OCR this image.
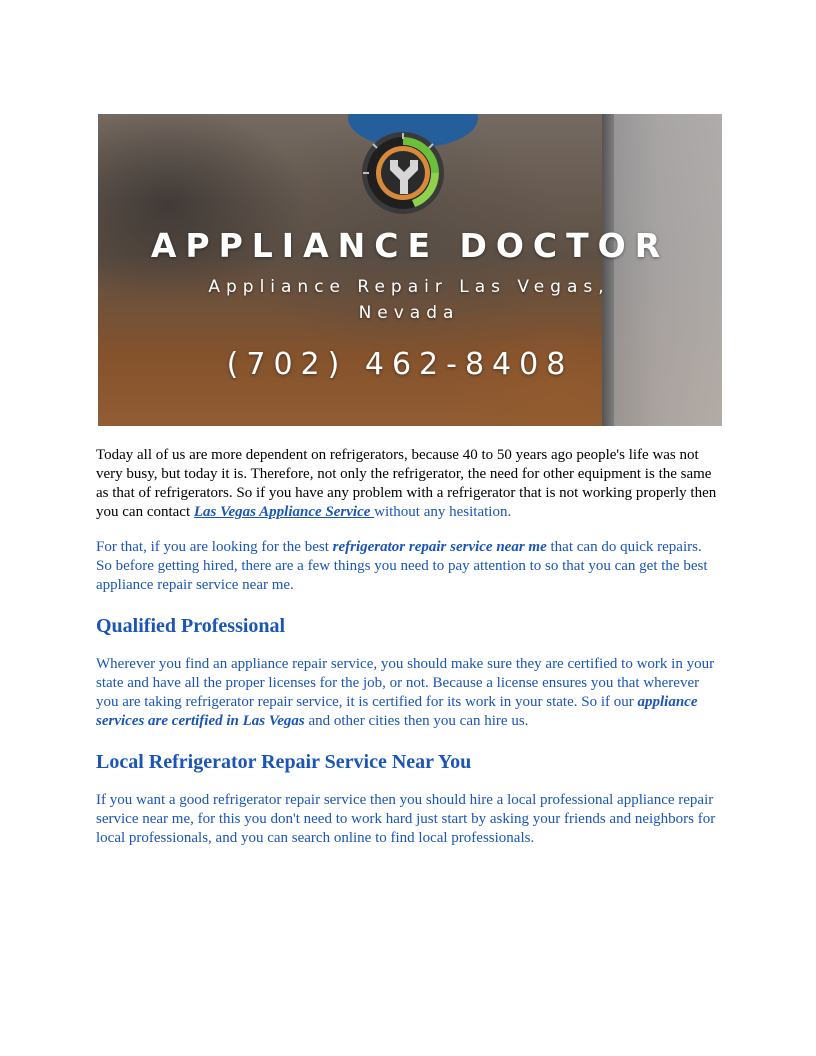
APPLIANCE DOCTOR
Appliance Repair Las Vegas, Nevada
(702) 462-8408

Today all of us are more dependent on refrigerators, because 40 to 50 years ago people's life was not very busy, but today it is. Therefore, not only the refrigerator, the need for other equipment is the same as that of refrigerators. So if you have any problem with a refrigerator that is not working properly then you can contact Las Vegas Appliance Service without any hesitation.

For that, if you are looking for the best refrigerator repair service near me that can do quick repairs. So before getting hired, there are a few things you need to pay attention to so that you can get the best appliance repair service near me.

Qualified Professional

Wherever you find an appliance repair service, you should make sure they are certified to work in your state and have all the proper licenses for the job, or not. Because a license ensures you that wherever you are taking refrigerator repair service, it is certified for its work in your state. So if our appliance services are certified in Las Vegas and other cities then you can hire us.

Local Refrigerator Repair Service Near You

If you want a good refrigerator repair service then you should hire a local professional appliance repair service near me, for this you don't need to work hard just start by asking your friends and neighbors for local professionals, and you can search online to find local professionals.
